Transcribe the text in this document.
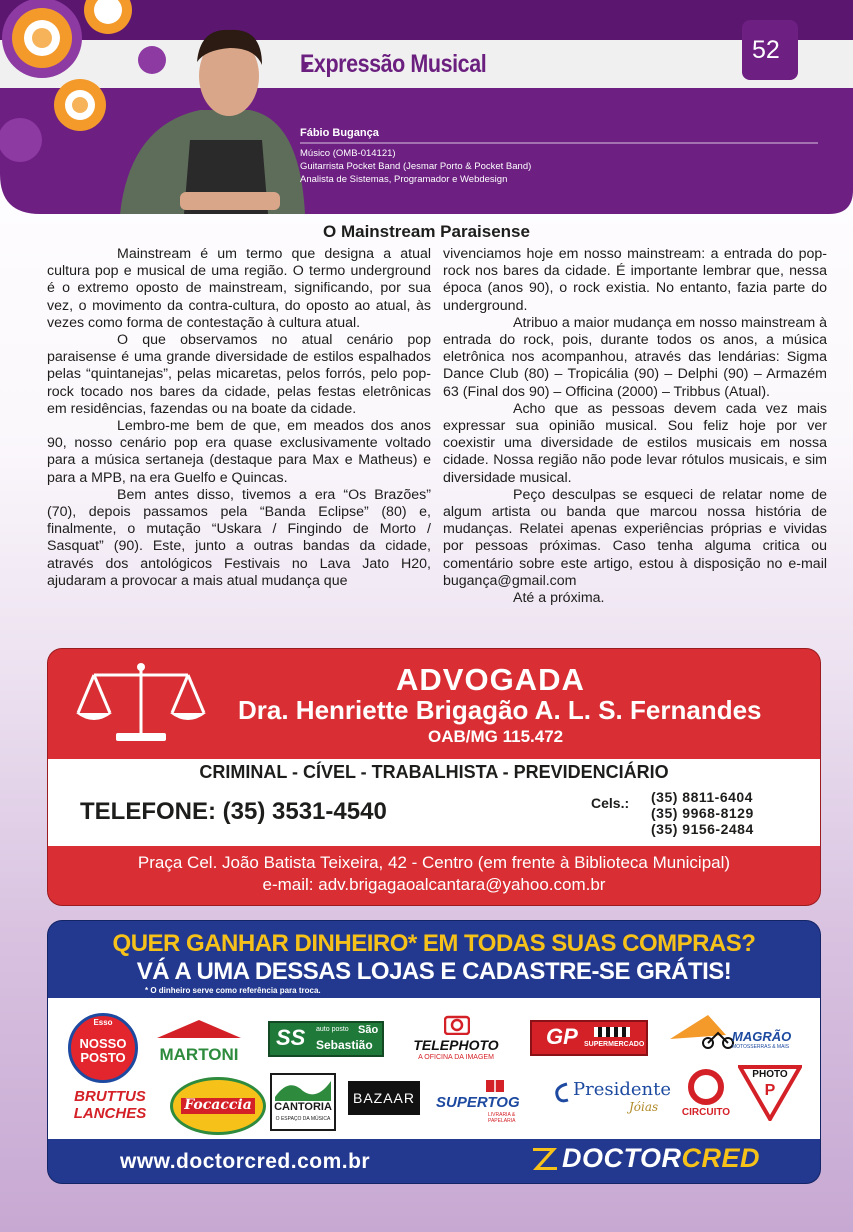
Expressão Musical	52
Fábio Bugança
Músico (OMB-014121)
Guitarrista Pocket Band (Jesmar Porto & Pocket Band)
Analista de Sistemas, Programador e Webdesign
O Mainstream Paraisense

Mainstream é um termo que designa a atual cultura pop e musical de uma região. O termo underground é o extremo oposto de mainstream, significando, por sua vez, o movimento da contra-cultura, do oposto ao atual, às vezes como forma de contestação à cultura atual.

O que observamos no atual cenário pop paraisense é uma grande diversidade de estilos espalhados pelas “quintanejas”, pelas micaretas, pelos forrós, pelo pop-rock tocado nos bares da cidade, pelas festas eletrônicas em residências, fazendas ou na boate da cidade.

Lembro-me bem de que, em meados dos anos 90, nosso cenário pop era quase exclusivamente voltado para a música sertaneja (destaque para Max e Matheus) e para a MPB, na era Guelfo e Quincas.

Bem antes disso, tivemos a era “Os Brazões” (70), depois passamos pela “Banda Eclipse” (80) e, finalmente, o mutação “Uskara / Fingindo de Morto / Sasquat” (90). Este, junto a outras bandas da cidade, através dos antológicos Festivais no Lava Jato H20, ajudaram a provocar a mais atual mudança que

vivenciamos hoje em nosso mainstream: a entrada do pop-rock nos bares da cidade. É importante lembrar que, nessa época (anos 90), o rock existia. No entanto, fazia parte do underground.

Atribuo a maior mudança em nosso mainstream à entrada do rock, pois, durante todos os anos, a música eletrônica nos acompanhou, através das lendárias: Sigma Dance Club (80) – Tropicália (90) – Delphi (90) – Armazém 63 (Final dos 90) – Officina (2000) – Tribbus (Atual).

Acho que as pessoas devem cada vez mais expressar sua opinião musical. Sou feliz hoje por ver coexistir uma diversidade de estilos musicais em nossa cidade. Nossa região não pode levar rótulos musicais, e sim diversidade musical.

Peço desculpas se esqueci de relatar nome de algum artista ou banda que marcou nossa história de mudanças. Relatei apenas experiências próprias e vividas por pessoas próximas. Caso tenha alguma critica ou comentário sobre este artigo, estou à disposição no e-mail bugança@gmail.com

Até a próxima.

ADVOGADA
Dra. Henriette Brigagão A. L. S. Fernandes
OAB/MG 115.472
CRIMINAL - CÍVEL - TRABALHISTA - PREVIDENCIÁRIO
TELEFONE: (35) 3531-4540	Cels.: (35) 8811-6404
(35) 9968-8129
(35) 9156-2484
Praça Cel. João Batista Teixeira, 42 - Centro (em frente à Biblioteca Municipal)
e-mail: adv.brigagaoalcantara@yahoo.com.br
QUER GANHAR DINHEIRO* EM TODAS SUAS COMPRAS?
VÁ A UMA DESSAS LOJAS E CADASTRE-SE GRÁTIS!
* O dinheiro serve como referência para troca.
Esso
NOSSO
POSTO	MARTONI
SS auto posto São
Sebastião	TELEPHOTO
A OFICINA DA IMAGEM
GP SUPERMERCADO
MAGRÃO
MOTOSSERRAS & MAIS
BRUTTUS
LANCHES	Focaccia	CANTORIA
O ESPAÇO DA MÚSICA
BAZAAR	SUPERTOG
LIVRARIA & PAPELARIA
Presidente
Jóias	CIRCUITO
PHOTO
P
www.doctorcred.com.br	DOCTORCRED
